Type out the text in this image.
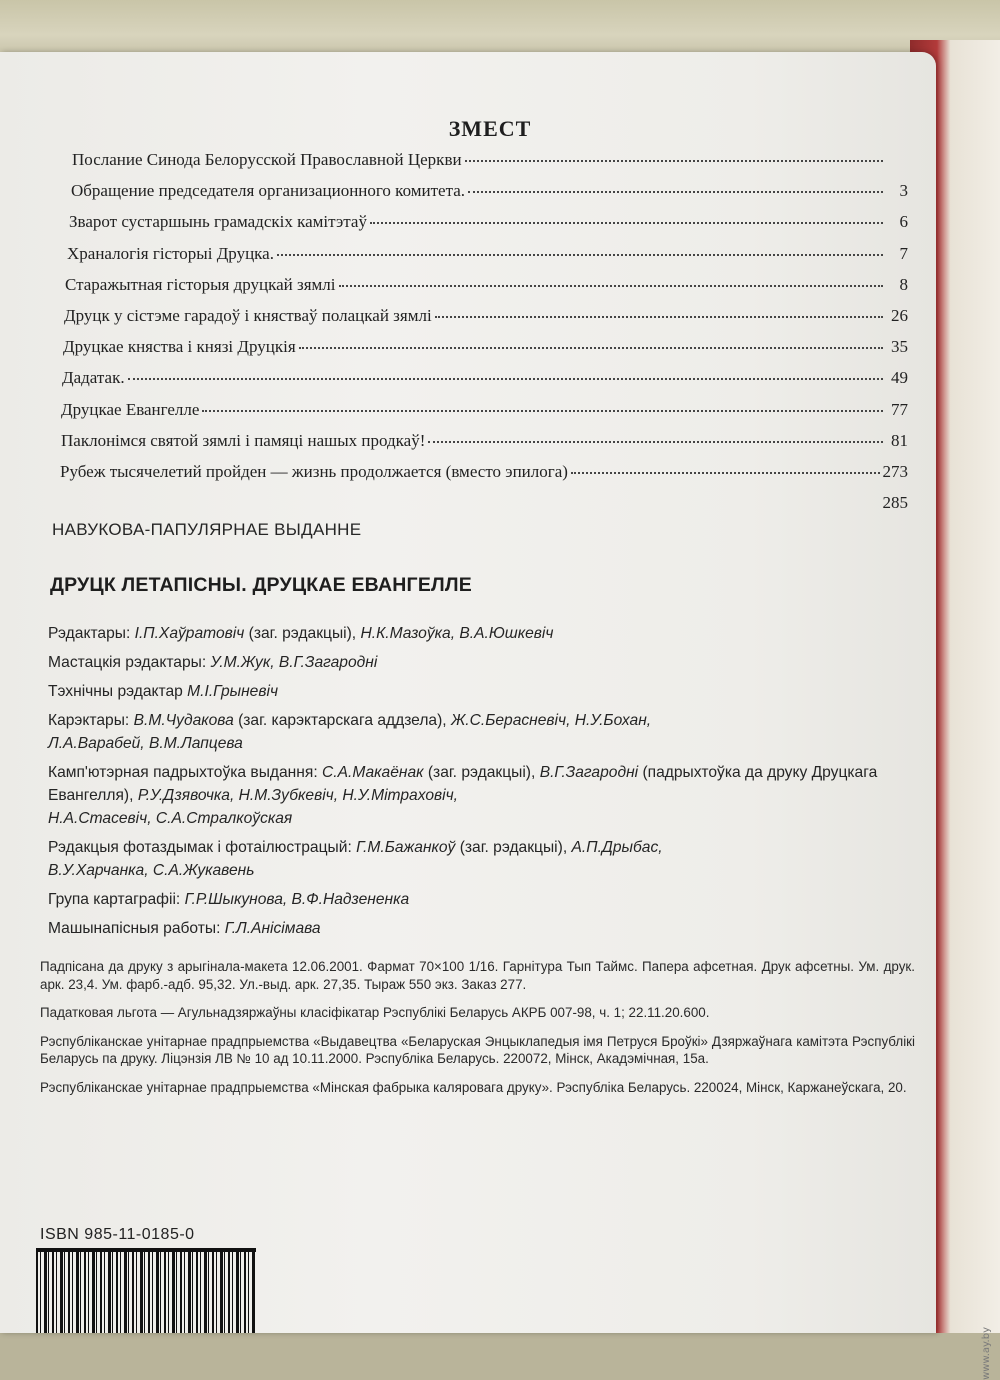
ЗМЕСТ
Послание Синода Белорусской Православной Церкви
Обращение председателя организационного комитета.	3
Зварот сустаршынь грамадскіх камітэтаў	6
Храналогія гісторыі Друцка.	7
Старажытная гісторыя друцкай зямлі	8
Друцк у сістэме гарадоў і княстваў полацкай зямлі	26
Друцкае княства і князі Друцкія	35
Дадатак.	49
Друцкае Евангелле	77
Паклонімся святой зямлі і памяці нашых продкаў!	81
Рубеж тысячелетий пройден — жизнь продолжается (вместо эпилога)	273
285
НАВУКОВА-ПАПУЛЯРНАЕ ВЫДАННЕ
ДРУЦК ЛЕТАПІСНЫ. ДРУЦКАЕ ЕВАНГЕЛЛЕ
Рэдактары: І.П.Хаўратовіч (заг. рэдакцыі), Н.К.Мазоўка, В.А.Юшкевіч
Мастацкія рэдактары: У.М.Жук, В.Г.Загародні
Тэхнічны рэдактар М.І.Грыневіч
Карэктары: В.М.Чудакова (заг. карэктарскага аддзела), Ж.С.Берасневіч, Н.У.Бохан,
Л.А.Варабей, В.М.Лапцева
Камп'ютэрная падрыхтоўка выдання: С.А.Макаёнак (заг. рэдакцыі), В.Г.Загародні (падрыхтоўка да друку Друцкага Евангелля), Р.У.Дзявочка, Н.М.Зубкевіч, Н.У.Мітраховіч,
Н.А.Стасевіч, С.А.Стралкоўская
Рэдакцыя фотаздымак і фотаілюстрацый: Г.М.Бажанкоў (заг. рэдакцыі), А.П.Дрыбас,
В.У.Харчанка, С.А.Жукавень
Група картаграфіі: Г.Р.Шыкунова, В.Ф.Надзененка
Машынапісныя работы: Г.Л.Анісімава

Падпісана да друку з арыгінала-макета 12.06.2001. Фармат 70×100 1/16. Гарнітура Тып Таймс. Папера афсетная. Друк афсетны. Ум. друк. арк. 23,4. Ум. фарб.-адб. 95,32. Ул.-выд. арк. 27,35. Тыраж 550 экз. Заказ 277.

Падатковая льгота — Агульнадзяржаўны класіфікатар Рэспублікі Беларусь АКРБ 007-98, ч. 1; 22.11.20.600.

Рэспубліканскае унітарнае прадпрыемства «Выдавецтва «Беларуская Энцыклапедыя імя Петруся Броўкі» Дзяржаўнага камітэта Рэспублікі Беларусь па друку. Ліцэнзія ЛВ № 10 ад 10.11.2000. Рэспубліка Беларусь. 220072, Мінск, Акадэмічная, 15а.

Рэспубліканскае унітарнае прадпрыемства «Мінская фабрыка каляровага друку». Рэспубліка Беларусь. 220024, Мінск, Каржанеўскага, 20.

ISBN 985-11-0185-0
www.ay.by
